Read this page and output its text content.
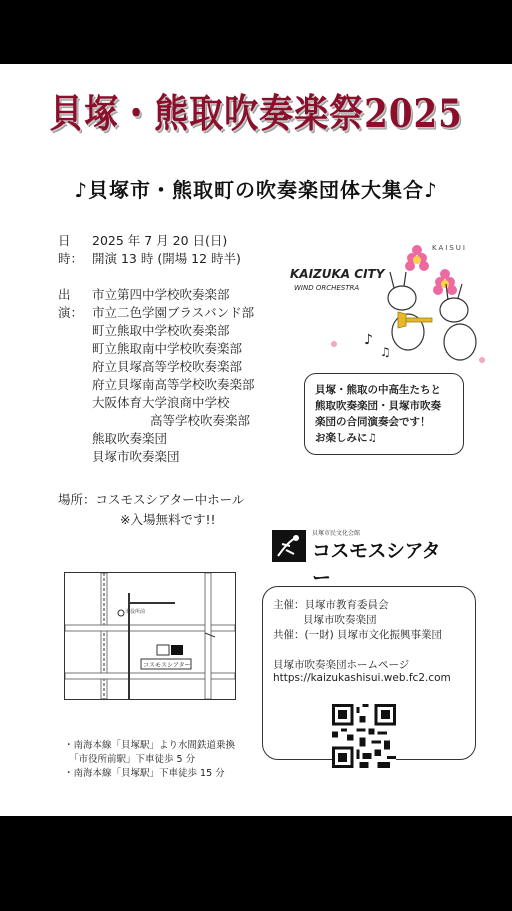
貝塚・熊取吹奏楽祭2025
♪貝塚市・熊取町の吹奏楽団体大集合♪
日時：
2025 年 7 月 20 日(日)
開演 13 時 (開場 12 時半)
出演：
市立第四中学校吹奏楽部
市立二色学園ブラスバンド部
町立熊取中学校吹奏楽部
町立熊取南中学校吹奏楽部
府立貝塚高等学校吹奏楽部
府立貝塚南高等学校吹奏楽部
大阪体育大学浪商中学校
高等学校吹奏楽部
熊取吹奏楽団
貝塚市吹奏楽団
KAIZUKA CITY
WIND ORCHESTRA
KAISUI
♪
♫
貝塚・熊取の中高生たちと
熊取吹奏楽団・貝塚市吹奏
楽団の合同演奏会です！
お楽しみに♫
場所：コスモスシアター中ホール
※入場無料です!!
貝塚市民文化会館
コスモスシアター
市役所前
コスモスシアター
・南海本線「貝塚駅」より水間鉄道乗換
「市役所前駅」下車徒歩 5 分
・南海本線「貝塚駅」下車徒歩 15 分
主催：貝塚市教育委員会
貝塚市吹奏楽団
共催：(一財) 貝塚市文化振興事業団
貝塚市吹奏楽団ホームページ
https://kaizukashisui.web.fc2.com
